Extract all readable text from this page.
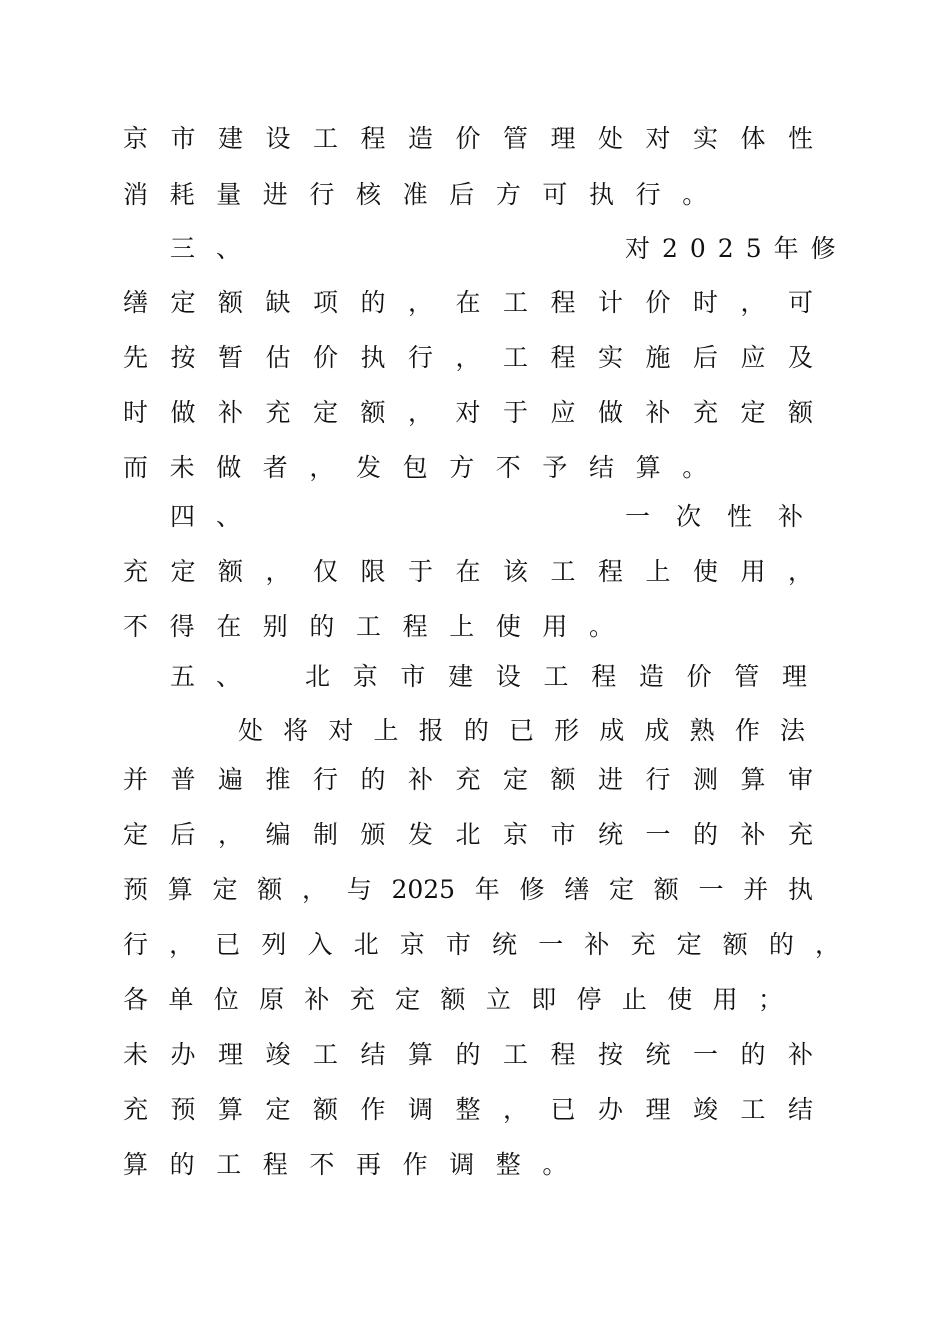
京​市​建​设​工​程​造​价​管​理​处​对​实​体​性
消耗量进行核准后方可执行。

三、

	对2025年修

缮​定​额​缺​项​的​，​在​工​程​计​价​时​，​可
先​按​暂​估​价​执​行​，​工​程​实​施​后​应​及
时​做​补​充​定​额​，​对​于​应​做​补​充​定​额
而未做者，发包方不予结算。

四、

	一次性补

充​定​额​，​仅​限​于​在​该​工​程​上​使​用​，
不得在别的工程上使用。

五、

北​京​市​建​设​工​程​造​价​管​理

处​将​对​上​报​的​已​形​成​成​熟​作​法
并​普​遍​推​行​的​补​充​定​额​进​行​测​算​审
定​后​，​编​制​颁​发​北​京​市​统​一​的​补​充
预​算​定​额​，​与​2​0​2​5​年​修​缮​定​额​一​并​执
行​，​已​列​入​北​京​市​统​一​补​充​定​额​的​，
各​单​位​原​补​充​定​额​立​即​停​止​使​用​；
未​办​理​竣​工​结​算​的​工​程​按​统​一​的​补
充​预​算​定​额​作​调​整​，​已​办​理​竣​工​结
算的工程不再作调整。
